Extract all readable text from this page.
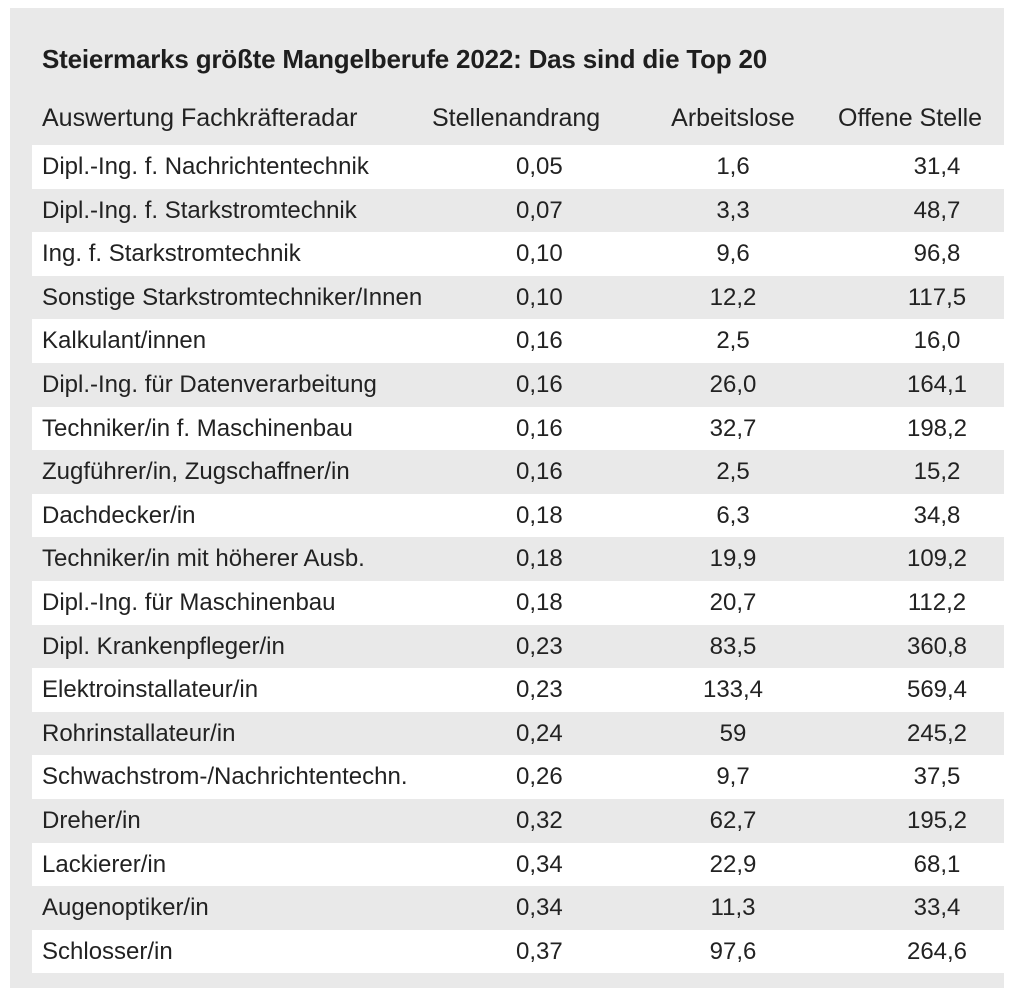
Steiermarks größte Mangelberufe 2022: Das sind die Top 20
Auswertung Fachkräfteradar	Stellenandrang	Arbeitslose	Offene Stelle
Dipl.-Ing. f. Nachrichtentechnik	0,05	1,6	31,4
Dipl.-Ing. f. Starkstromtechnik	0,07	3,3	48,7
Ing. f. Starkstromtechnik	0,10	9,6	96,8
Sonstige Starkstromtechniker/Innen	0,10	12,2	117,5
Kalkulant/innen	0,16	2,5	16,0
Dipl.-Ing. für Datenverarbeitung	0,16	26,0	164,1
Techniker/in f. Maschinenbau	0,16	32,7	198,2
Zugführer/in, Zugschaffner/in	0,16	2,5	15,2
Dachdecker/in	0,18	6,3	34,8
Techniker/in mit höherer Ausb.	0,18	19,9	109,2
Dipl.-Ing. für Maschinenbau	0,18	20,7	112,2
Dipl. Krankenpfleger/in	0,23	83,5	360,8
Elektroinstallateur/in	0,23	133,4	569,4
Rohrinstallateur/in	0,24	59	245,2
Schwachstrom-/Nachrichtentechn.	0,26	9,7	37,5
Dreher/in	0,32	62,7	195,2
Lackierer/in	0,34	22,9	68,1
Augenoptiker/in	0,34	11,3	33,4
Schlosser/in	0,37	97,6	264,6
